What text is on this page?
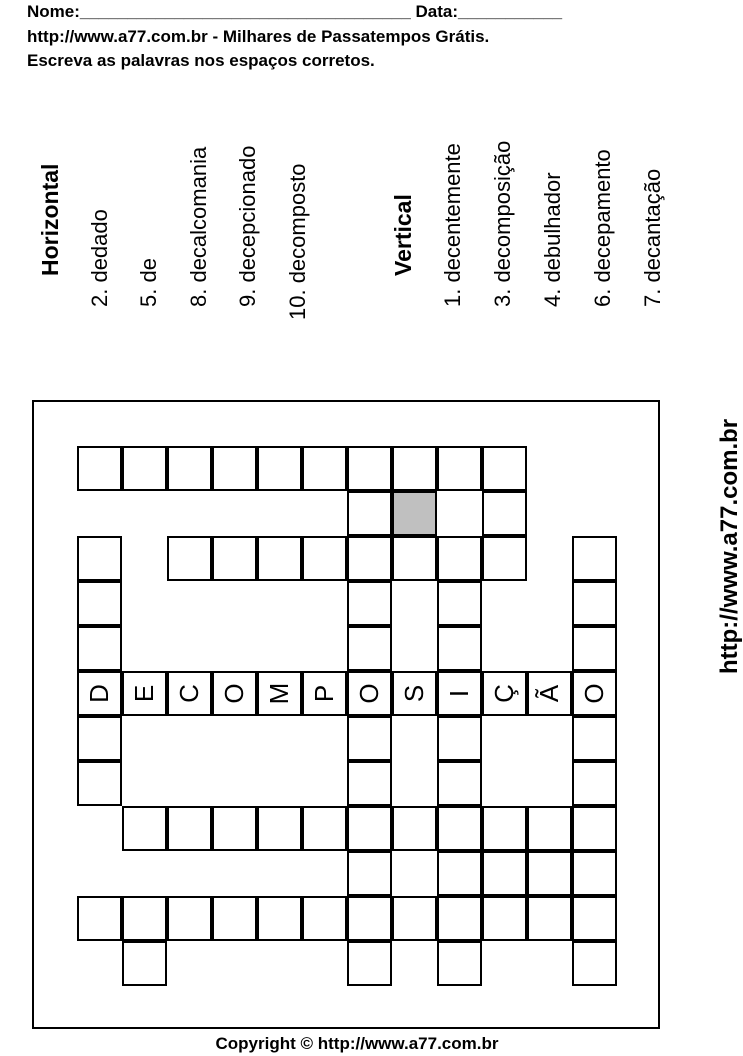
Nome:___________________________________ Data:___________
http://www.a77.com.br - Milhares de Passatempos Grátis.
Escreva as palavras nos espaços corretos.
Horizontal 2. dedado 5. de 8. decalcomania 9. decepcionado 10. decomposto	Vertical 1. decentemente 3. decomposição 4. debulhador 6. decepamento 7. decantação
D E C O M P O S I Ç Ã O
http://www.a77.com.br
Copyright © http://www.a77.com.br
